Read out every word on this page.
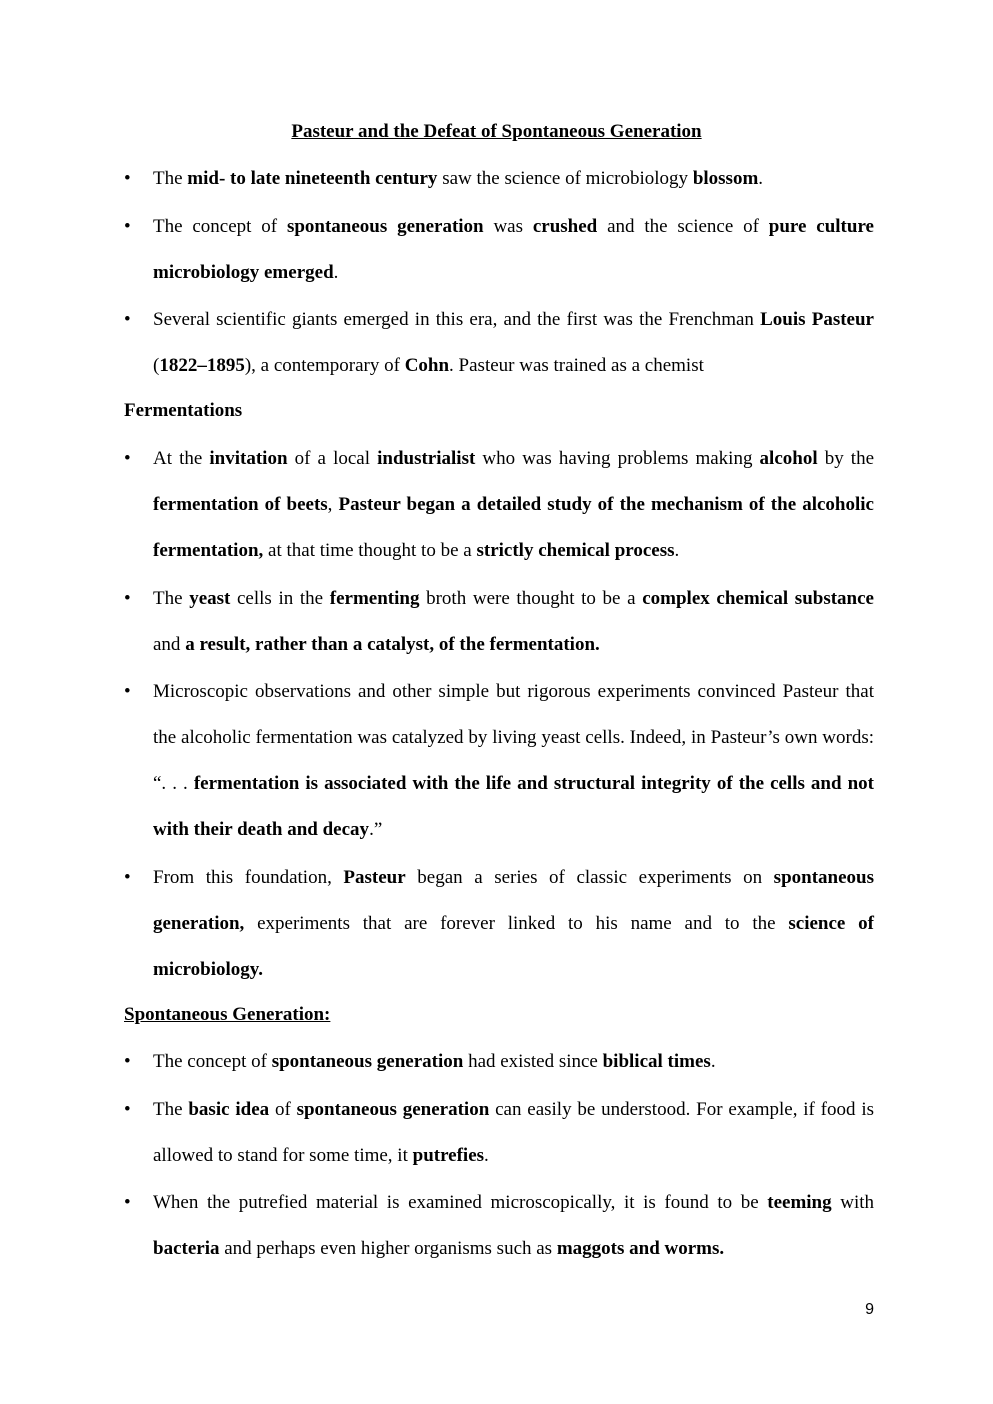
Pasteur and the Defeat of Spontaneous Generation
• The mid- to late nineteenth century saw the science of microbiology blossom.
• The concept of spontaneous generation was crushed and the science of pure culture microbiology emerged.
• Several scientific giants emerged in this era, and the first was the Frenchman Louis Pasteur (1822–1895), a contemporary of Cohn. Pasteur was trained as a chemist
Fermentations
• At the invitation of a local industrialist who was having problems making alcohol by the fermentation of beets, Pasteur began a detailed study of the mechanism of the alcoholic fermentation, at that time thought to be a strictly chemical process.
• The yeast cells in the fermenting broth were thought to be a complex chemical substance and a result, rather than a catalyst, of the fermentation.
• Microscopic observations and other simple but rigorous experiments convinced Pasteur that the alcoholic fermentation was catalyzed by living yeast cells. Indeed, in Pasteur’s own words: “. . . fermentation is associated with the life and structural integrity of the cells and not with their death and decay.”
• From this foundation, Pasteur began a series of classic experiments on spontaneous generation, experiments that are forever linked to his name and to the science of microbiology.
Spontaneous Generation:
• The concept of spontaneous generation had existed since biblical times.
• The basic idea of spontaneous generation can easily be understood. For example, if food is allowed to stand for some time, it putrefies.
• When the putrefied material is examined microscopically, it is found to be teeming with bacteria and perhaps even higher organisms such as maggots and worms.
9
